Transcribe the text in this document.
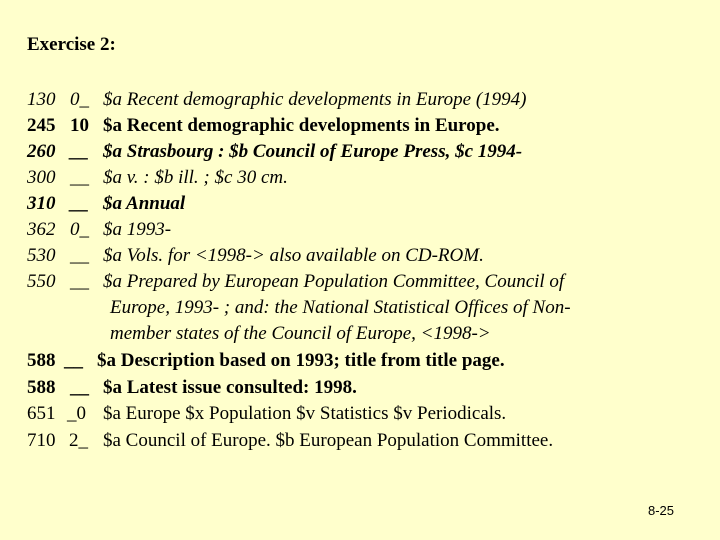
Exercise 2:
130 0_ $a Recent demographic developments in Europe (1994)
245 10 $a Recent demographic developments in Europe.
260 __ $a Strasbourg : $b Council of Europe Press, $c 1994-
300 __ $a v. : $b ill. ; $c 30 cm.
310 __ $a Annual
362 0_ $a 1993-
530 __ $a Vols. for <1998-> also available on CD-ROM.
550 __ $a Prepared by European Population Committee, Council of
Europe, 1993- ; and: the National Statistical Offices of Non-
member states of the Council of Europe, <1998->
588 __ $a Description based on 1993; title from title page.
588 __ $a Latest issue consulted: 1998.
651 _0 $a Europe $x Population $v Statistics $v Periodicals.
710 2_ $a Council of Europe. $b European Population Committee.
8-25
